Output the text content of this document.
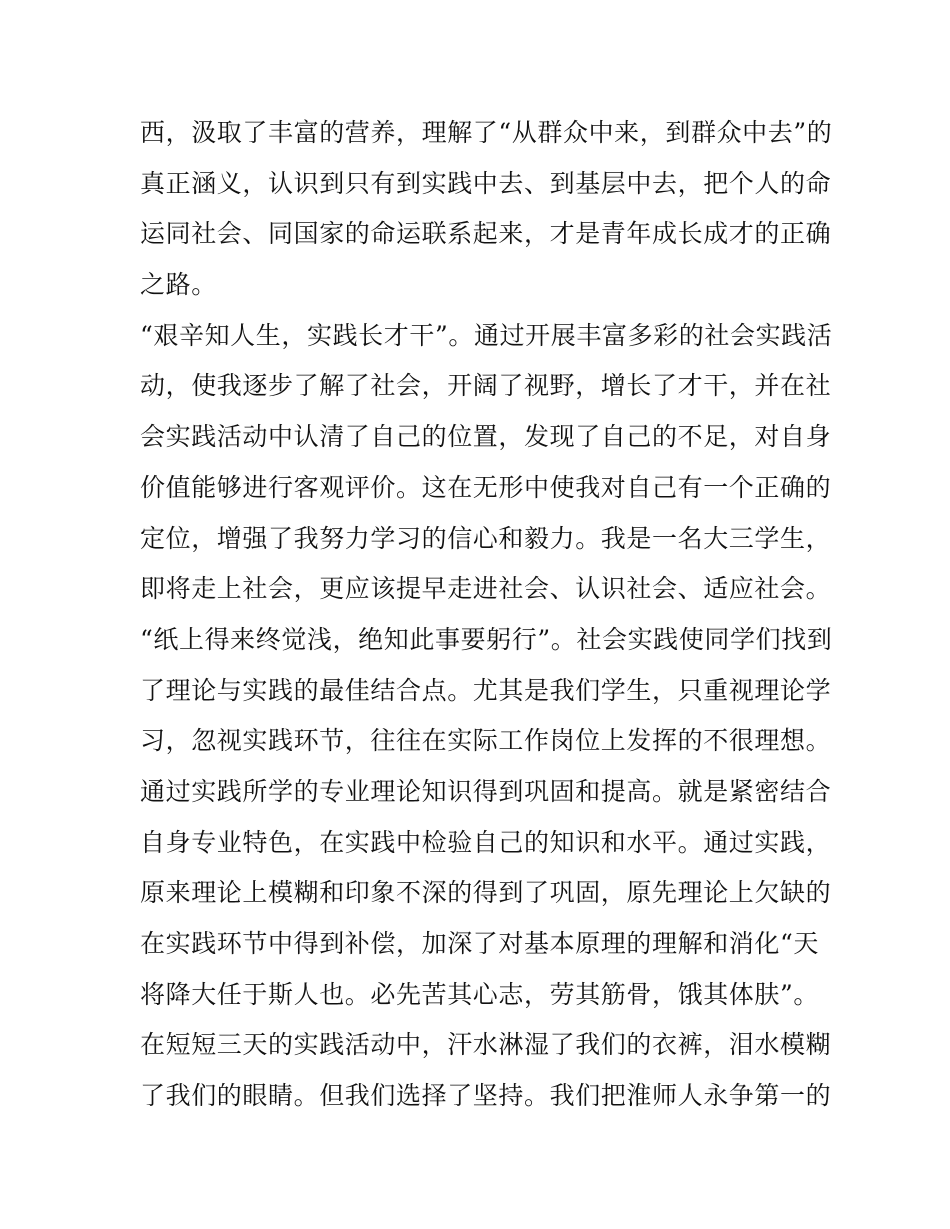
西，汲取了丰富的营养，理解了“从群众中来，到群众中去”的
真正涵义，认识到只有到实践中去、到基层中去，把个人的命
运同社会、同国家的命运联系起来，才是青年成长成才的正确
之路。
“艰辛知人生，实践长才干”。通过开展丰富多彩的社会实践活
动，使我逐步了解了社会，开阔了视野，增长了才干，并在社
会实践活动中认清了自己的位置，发现了自己的不足，对自身
价值能够进行客观评价。这在无形中使我对自己有一个正确的
定位，增强了我努力学习的信心和毅力。我是一名大三学生，
即将走上社会，更应该提早走进社会、认识社会、适应社会。
“纸上得来终觉浅，绝知此事要躬行”。社会实践使同学们找到
了理论与实践的最佳结合点。尤其是我们学生，只重视理论学
习，忽视实践环节，往往在实际工作岗位上发挥的不很理想。
通过实践所学的专业理论知识得到巩固和提高。就是紧密结合
自身专业特色，在实践中检验自己的知识和水平。通过实践，
原来理论上模糊和印象不深的得到了巩固，原先理论上欠缺的
在实践环节中得到补偿，加深了对基本原理的理解和消化“天
将降大任于斯人也。必先苦其心志，劳其筋骨，饿其体肤”。
在短短三天的实践活动中，汗水淋湿了我们的衣裤，泪水模糊
了我们的眼睛。但我们选择了坚持。我们把淮师人永争第一的
